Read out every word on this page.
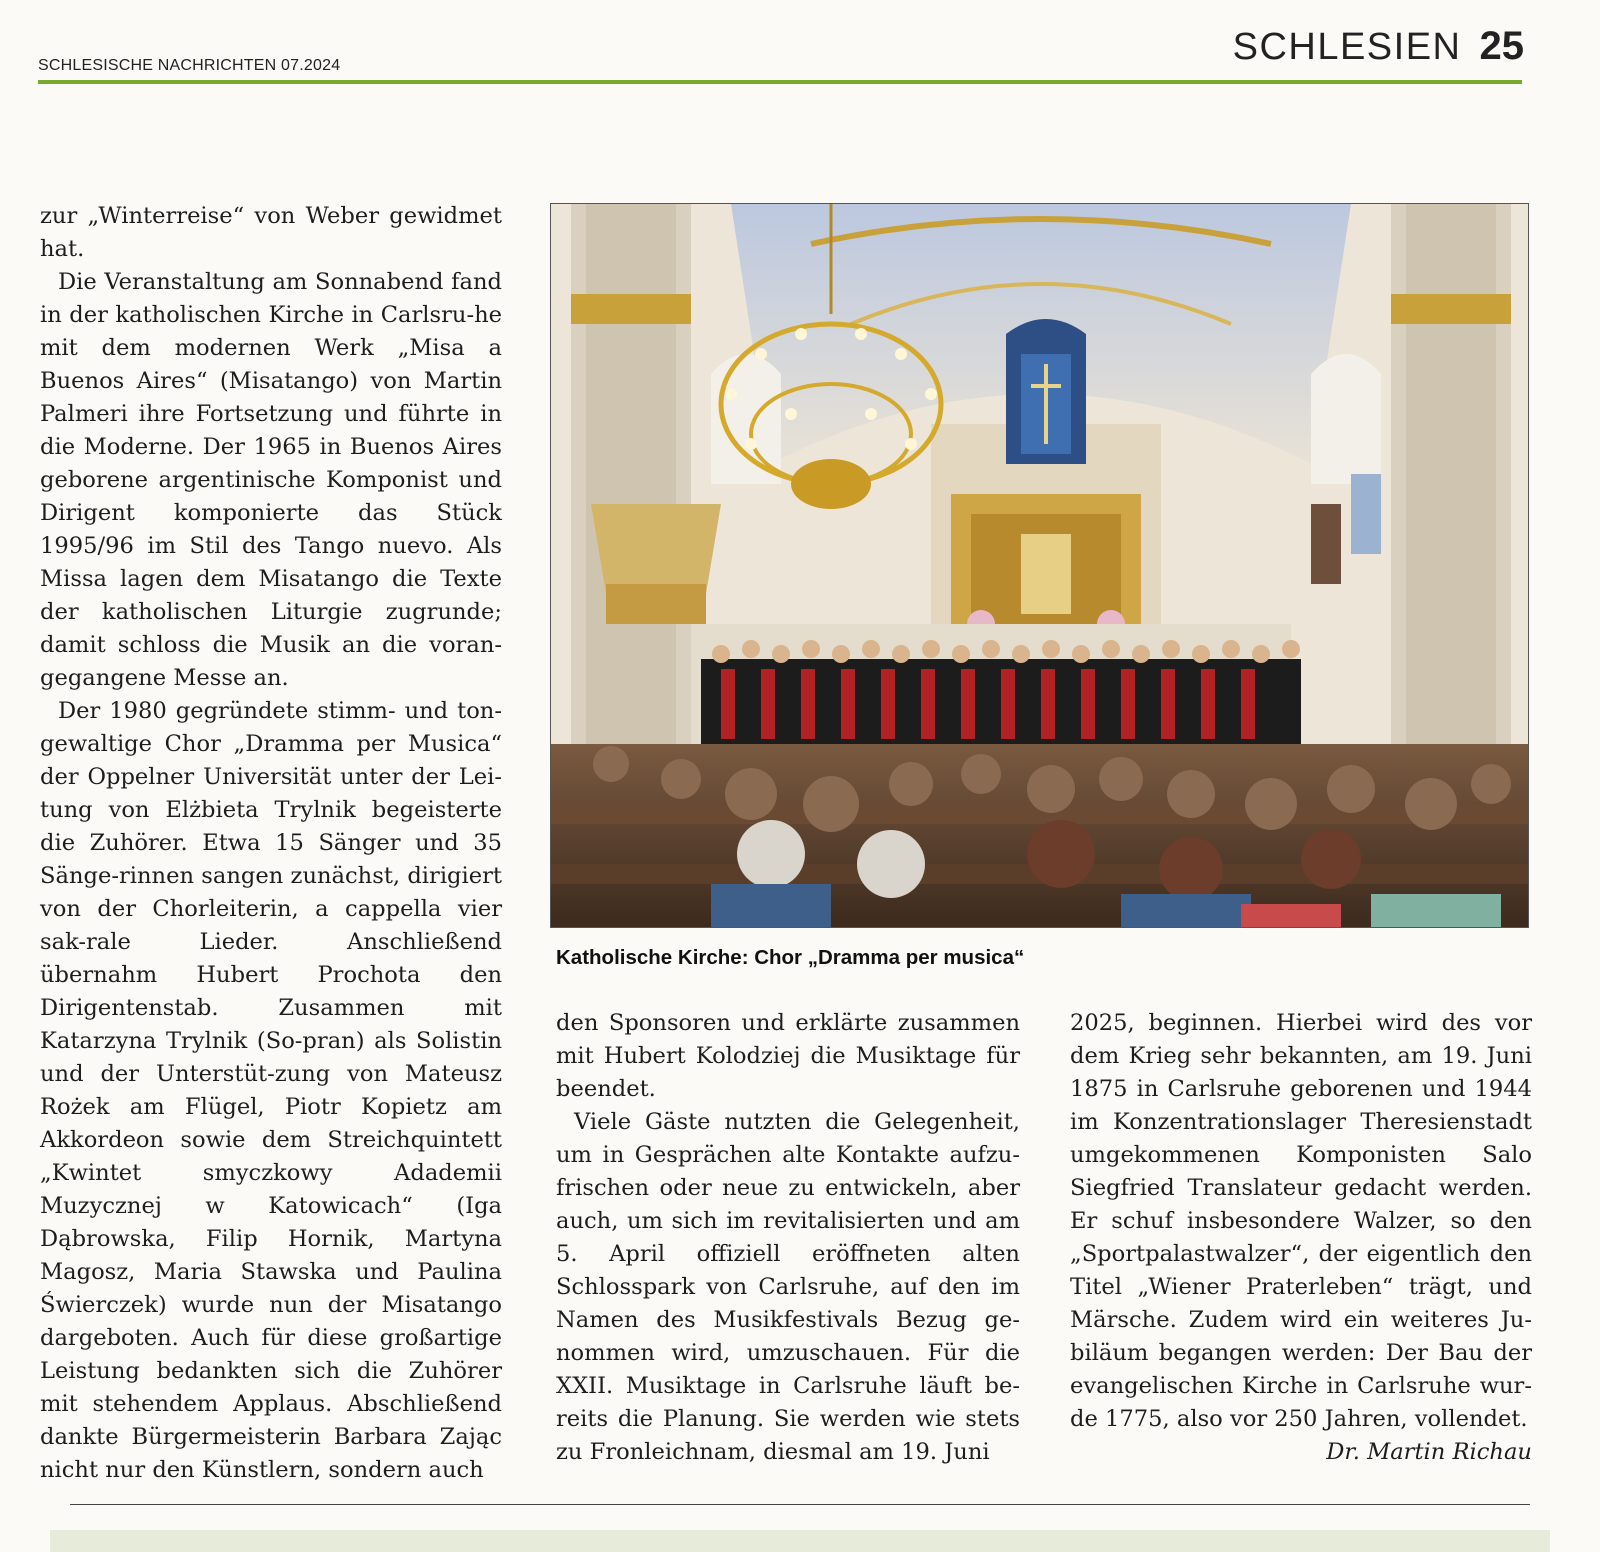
SCHLESISCHE NACHRICHTEN 07.2024	SCHLESIEN 25

zur „Winterreise“ von Weber gewidmet hat.

Die Veranstaltung am Sonnabend fand in der katholischen Kirche in Carlsru-he mit dem modernen Werk „Misa a Buenos Aires“ (Misatango) von Martin Palmeri ihre Fortsetzung und führte in die Moderne. Der 1965 in Buenos Aires geborene argentinische Komponist und Dirigent komponierte das Stück 1995/96 im Stil des Tango nuevo. Als Missa lagen dem Misatango die Texte der katholischen Liturgie zugrunde; damit schloss die Musik an die voran-gegangene Messe an.

Der 1980 gegründete stimm- und ton-gewaltige Chor „Dramma per Musica“ der Oppelner Universität unter der Lei-tung von Elżbieta Trylnik begeisterte die Zuhörer. Etwa 15 Sänger und 35 Sänge-rinnen sangen zunächst, dirigiert von der Chorleiterin, a cappella vier sak-rale Lieder. Anschließend übernahm Hubert Prochota den Dirigentenstab. Zusammen mit Katarzyna Trylnik (So-pran) als Solistin und der Unterstüt-zung von Mateusz Rożek am Flügel, Piotr Kopietz am Akkordeon sowie dem Streichquintett „Kwintet smyczkowy Adademii Muzycznej w Katowicach“ (Iga Dąbrowska, Filip Hornik, Martyna Magosz, Maria Stawska und Paulina Świerczek) wurde nun der Misatango dargeboten. Auch für diese großartige Leistung bedankten sich die Zuhörer mit stehendem Applaus. Abschließend dankte Bürgermeisterin Barbara Zając nicht nur den Künstlern, sondern auch

Katholische Kirche: Chor „Dramma per musica“

den Sponsoren und erklärte zusammen mit Hubert Kolodziej die Musiktage für beendet.

Viele Gäste nutzten die Gelegenheit, um in Gesprächen alte Kontakte aufzu-frischen oder neue zu entwickeln, aber auch, um sich im revitalisierten und am 5. April offiziell eröffneten alten Schlosspark von Carlsruhe, auf den im Namen des Musikfestivals Bezug ge-nommen wird, umzuschauen. Für die XXII. Musiktage in Carlsruhe läuft be-reits die Planung. Sie werden wie stets zu Fronleichnam, diesmal am 19. Juni

2025, beginnen. Hierbei wird des vor dem Krieg sehr bekannten, am 19. Juni 1875 in Carlsruhe geborenen und 1944 im Konzentrationslager Theresienstadt umgekommenen Komponisten Salo Siegfried Translateur gedacht werden. Er schuf insbesondere Walzer, so den „Sportpalastwalzer“, der eigentlich den Titel „Wiener Praterleben“ trägt, und Märsche. Zudem wird ein weiteres Ju-biläum begangen werden: Der Bau der evangelischen Kirche in Carlsruhe wur-de 1775, also vor 250 Jahren, vollendet.

Dr. Martin Richau
